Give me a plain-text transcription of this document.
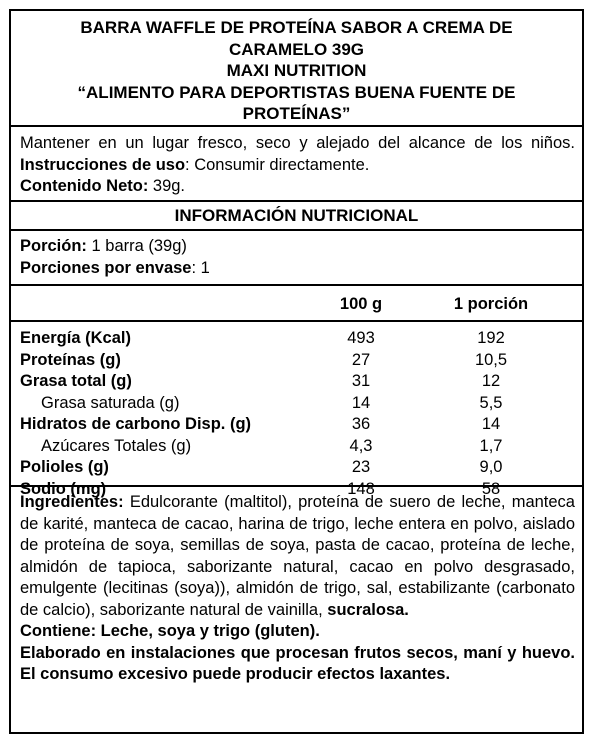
BARRA WAFFLE DE PROTEÍNA SABOR A CREMA DE
CARAMELO 39G
MAXI NUTRITION
“ALIMENTO PARA DEPORTISTAS BUENA FUENTE DE
PROTEÍNAS”
Mantener en un lugar fresco, seco y alejado del alcance de los niños. Instrucciones de uso: Consumir directamente.
Contenido Neto: 39g.
INFORMACIÓN NUTRICIONAL
Porción: 1 barra (39g)
Porciones por envase: 1
100 g	1 porción
Energía (Kcal)	493	192
Proteínas (g)	27	10,5
Grasa total (g)	31	12
Grasa saturada (g)	14	5,5
Hidratos de carbono Disp. (g)	36	14
Azúcares Totales (g)	4,3	1,7
Polioles (g)	23	9,0
Sodio (mg)	148	58
Ingredientes: Edulcorante (maltitol), proteína de suero de leche, manteca de karité, manteca de cacao, harina de trigo, leche entera en polvo, aislado de proteína de soya, semillas de soya, pasta de cacao, proteína de leche, almidón de tapioca, saborizante natural, cacao en polvo desgrasado, emulgente (lecitinas (soya)), almidón de trigo, sal, estabilizante (carbonato de calcio), saborizante natural de vainilla, sucralosa.
Contiene: Leche, soya y trigo (gluten).
Elaborado en instalaciones que procesan frutos secos, maní y huevo. El consumo excesivo puede producir efectos laxantes.
